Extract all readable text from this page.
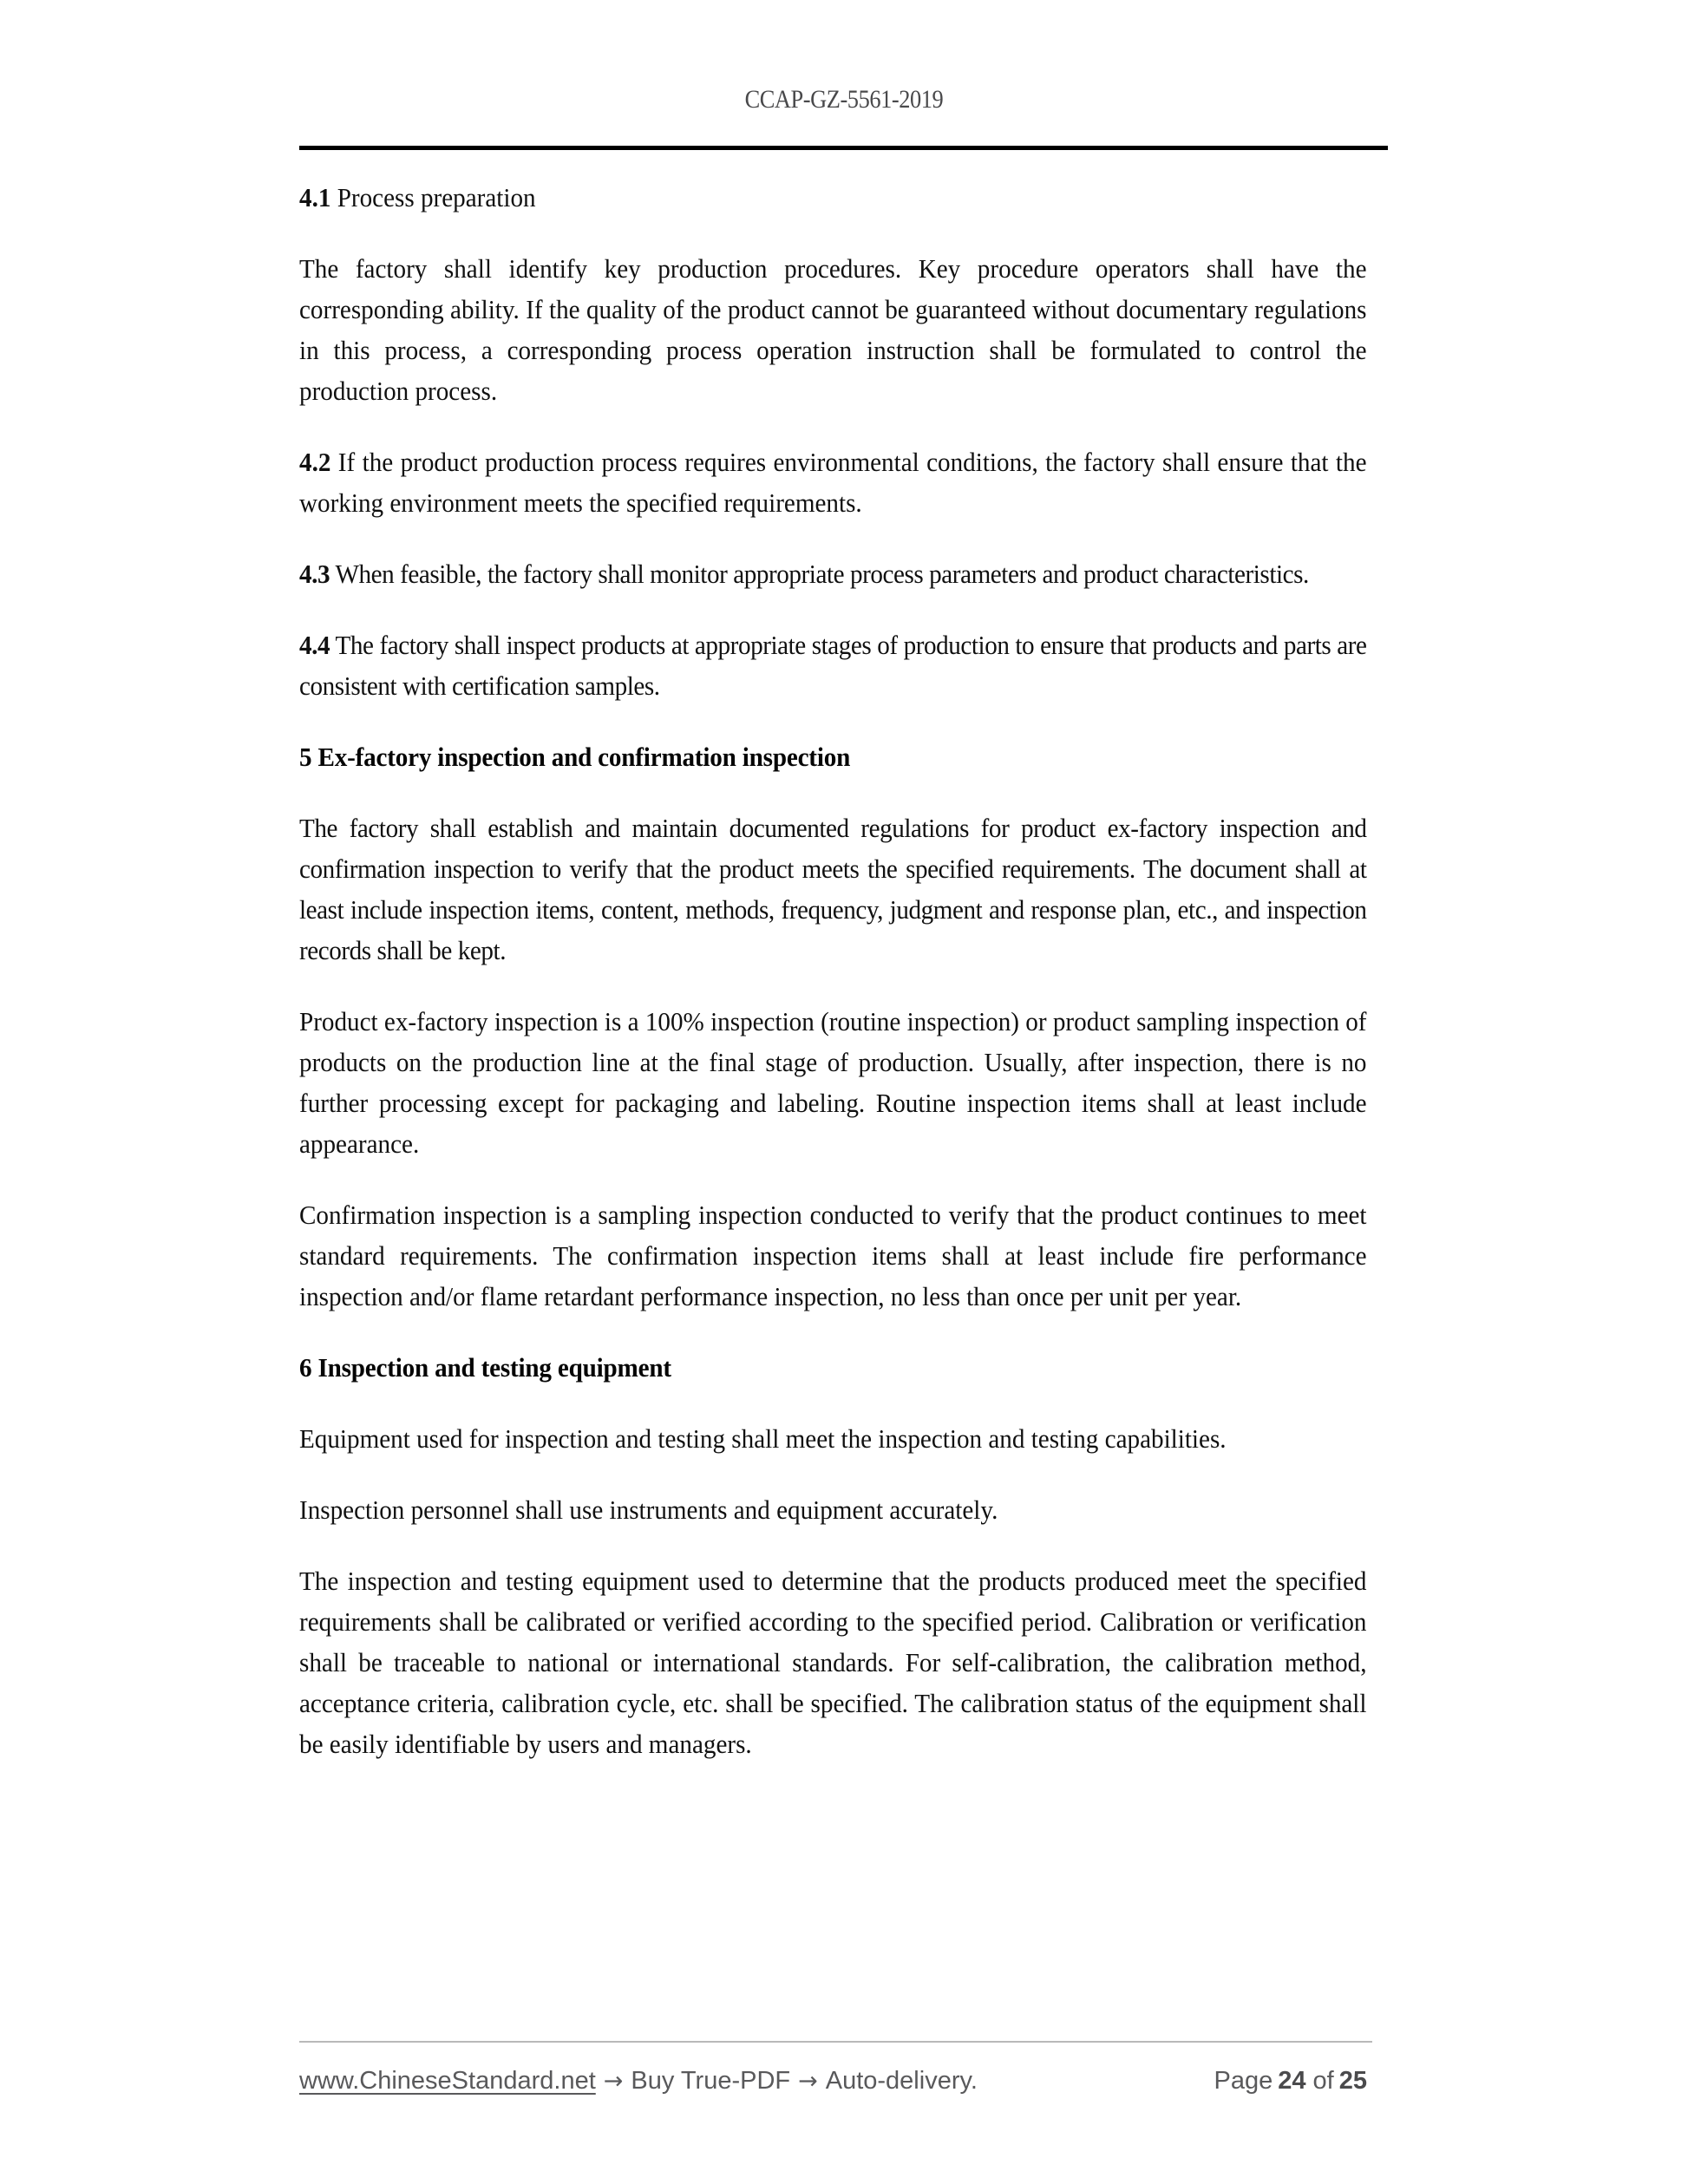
CCAP-GZ-5561-2019

4.1 Process preparation

The factory shall identify key production procedures. Key procedure operators shall have the corresponding ability. If the quality of the product cannot be guaranteed without documentary regulations in this process, a corresponding process operation instruction shall be formulated to control the production process.

4.2 If the product production process requires environmental conditions, the factory shall ensure that the working environment meets the specified requirements.

4.3 When feasible, the factory shall monitor appropriate process parameters and product characteristics.

4.4 The factory shall inspect products at appropriate stages of production to ensure that products and parts are consistent with certification samples.

5 Ex-factory inspection and confirmation inspection

The factory shall establish and maintain documented regulations for product ex-factory inspection and confirmation inspection to verify that the product meets the specified requirements. The document shall at least include inspection items, content, methods, frequency, judgment and response plan, etc., and inspection records shall be kept.

Product ex-factory inspection is a 100% inspection (routine inspection) or product sampling inspection of products on the production line at the final stage of production. Usually, after inspection, there is no further processing except for packaging and labeling. Routine inspection items shall at least include appearance.

Confirmation inspection is a sampling inspection conducted to verify that the product continues to meet standard requirements. The confirmation inspection items shall at least include fire performance inspection and/or flame retardant performance inspection, no less than once per unit per year.

6 Inspection and testing equipment

Equipment used for inspection and testing shall meet the inspection and testing capabilities.

Inspection personnel shall use instruments and equipment accurately.

The inspection and testing equipment used to determine that the products produced meet the specified requirements shall be calibrated or verified according to the specified period. Calibration or verification shall be traceable to national or international standards. For self-calibration, the calibration method, acceptance criteria, calibration cycle, etc. shall be specified. The calibration status of the equipment shall be easily identifiable by users and managers.

www.ChineseStandard.net → Buy True-PDF → Auto-delivery.	Page 24 of 25
